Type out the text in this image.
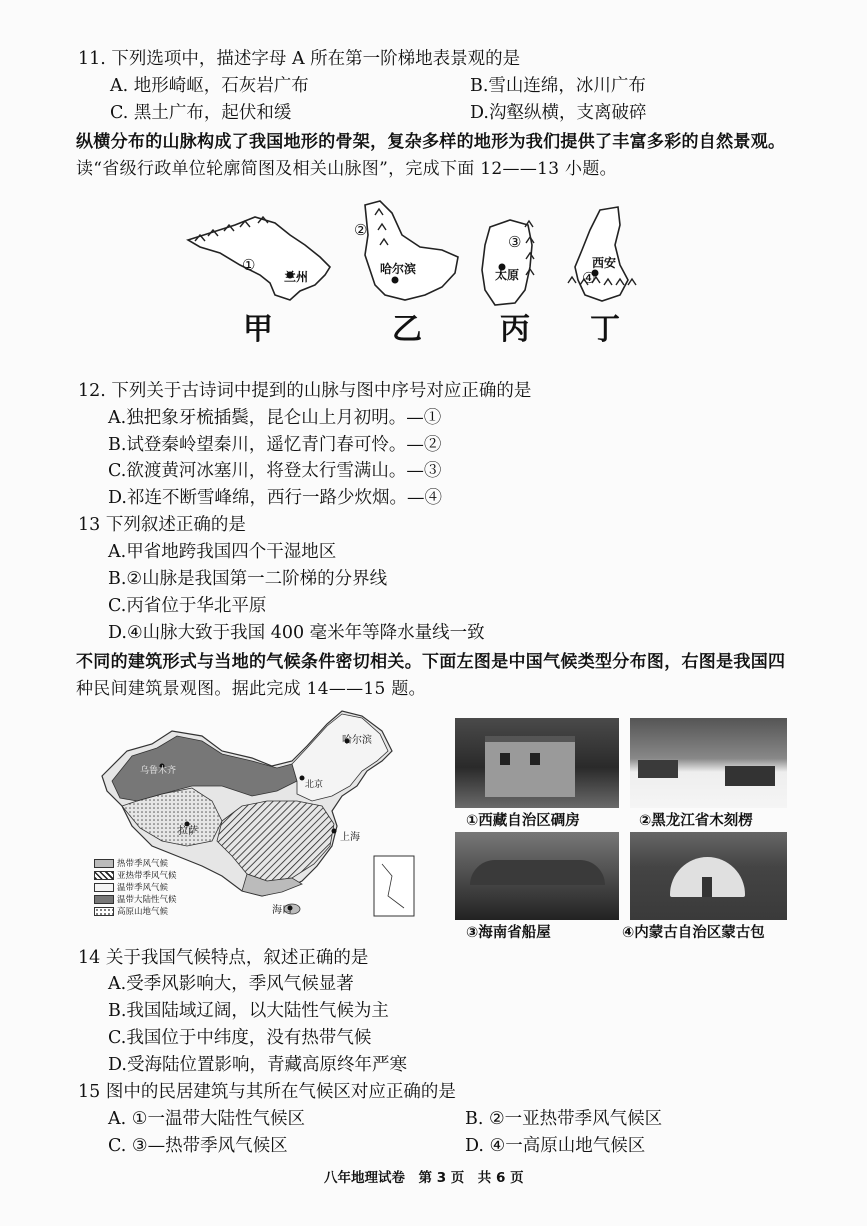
11. 下列选项中，描述字母 A 所在第一阶梯地表景观的是
A. 地形崎岖，石灰岩广布	B.雪山连绵，冰川广布
C. 黑土广布，起伏和缓	D.沟壑纵横，支离破碎
纵横分布的山脉构成了我国地形的骨架，复杂多样的地形为我们提供了丰富多彩的自然景观。
读“省级行政单位轮廓简图及相关山脉图”，完成下面 12——13 小题。
兰州
哈尔滨	太原
西安
①
②
③
④
甲	乙	丙 丁
12. 下列关于古诗词中提到的山脉与图中序号对应正确的是
A.独把象牙梳插鬓，昆仑山上月初明。—①
B.试登秦岭望秦川，遥忆青门春可怜。—②
C.欲渡黄河冰塞川，将登太行雪满山。—③
D.祁连不断雪峰绵，西行一路少炊烟。—④
13 下列叙述正确的是
A.甲省地跨我国四个干湿地区
B.②山脉是我国第一二阶梯的分界线
C.丙省位于华北平原
D.④山脉大致于我国 400 毫米年等降水量线一致
不同的建筑形式与当地的气候条件密切相关。下面左图是中国气候类型分布图，右图是我国四
种民间建筑景观图。据此完成 14——15 题。
哈尔滨
拉萨
上海
海口
乌鲁木齐
北京
热带季风气候
亚热带季风气候
温带季风气候
温带大陆性气候
高原山地气候
①西藏自治区碉房	②黑龙江省木刻楞
③海南省船屋	④内蒙古自治区蒙古包
14 关于我国气候特点，叙述正确的是
A.受季风影响大，季风气候显著
B.我国陆域辽阔，以大陆性气候为主
C.我国位于中纬度，没有热带气候
D.受海陆位置影响，青藏高原终年严寒
15 图中的民居建筑与其所在气候区对应正确的是
A. ①一温带大陆性气候区	B. ②一亚热带季风气候区
C. ③—热带季风气候区	D. ④一高原山地气候区
八年地理试卷　第 3 页　共 6 页
